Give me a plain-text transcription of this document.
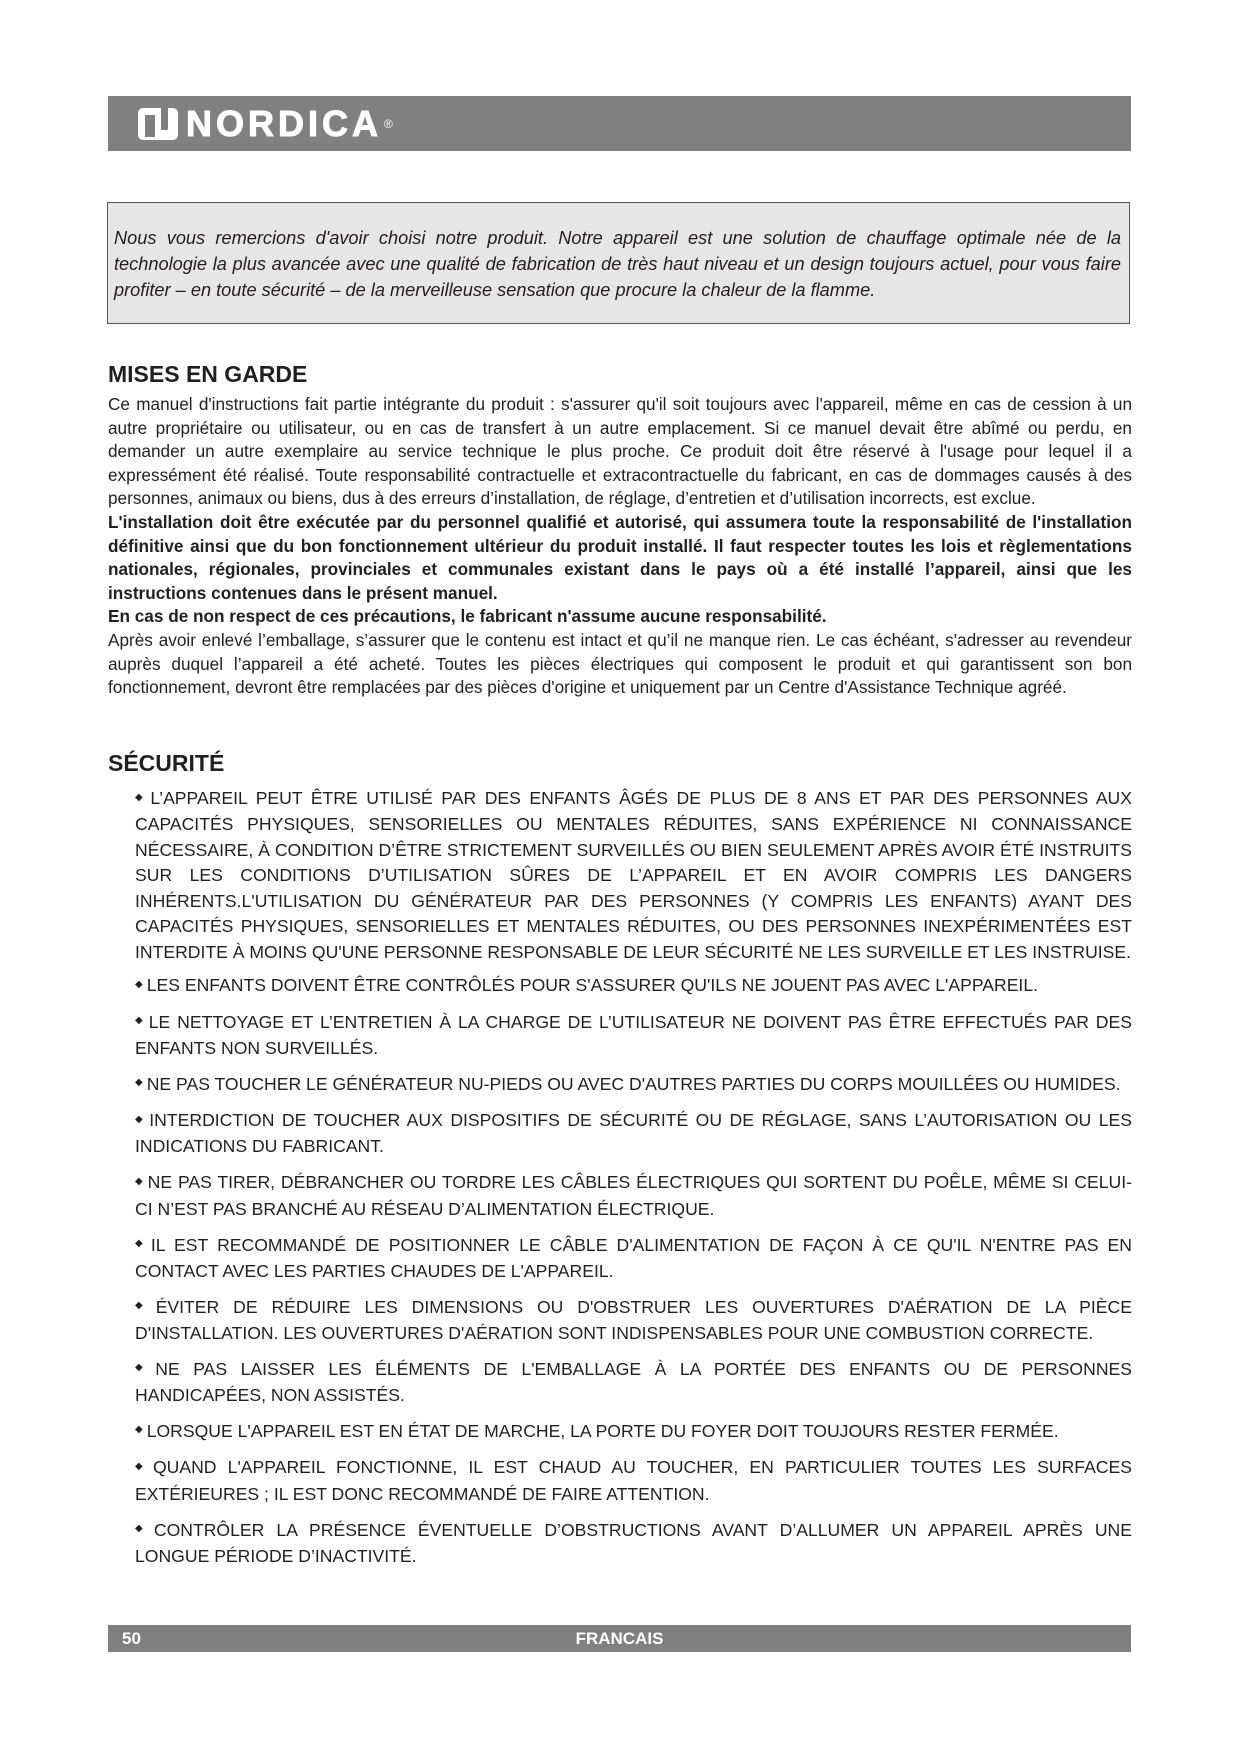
NORDICA ®

Nous vous remercions d'avoir choisi notre produit. Notre appareil est une solution de chauffage optimale née de la technologie la plus avancée avec une qualité de fabrication de très haut niveau et un design toujours actuel, pour vous faire profiter – en toute sécurité – de la merveilleuse sensation que procure la chaleur de la flamme.

MISES EN GARDE

Ce manuel d'instructions fait partie intégrante du produit : s'assurer qu'il soit toujours avec l'appareil, même en cas de cession à un autre propriétaire ou utilisateur, ou en cas de transfert à un autre emplacement. Si ce manuel devait être abîmé ou perdu, en demander un autre exemplaire au service technique le plus proche. Ce produit doit être réservé à l'usage pour lequel il a expressément été réalisé. Toute responsabilité contractuelle et extracontractuelle du fabricant, en cas de dommages causés à des personnes, animaux ou biens, dus à des erreurs d’installation, de réglage, d’entretien et d’utilisation incorrects, est exclue.

L'installation doit être exécutée par du personnel qualifié et autorisé, qui assumera toute la responsabilité de l'installation définitive ainsi que du bon fonctionnement ultérieur du produit installé. Il faut respecter toutes les lois et règlementations nationales, régionales, provinciales et communales existant dans le pays où a été installé l’appareil, ainsi que les instructions contenues dans le présent manuel.

En cas de non respect de ces précautions, le fabricant n'assume aucune responsabilité.

Après avoir enlevé l’emballage, s’assurer que le contenu est intact et qu’il ne manque rien. Le cas échéant, s'adresser au revendeur auprès duquel l’appareil a été acheté. Toutes les pièces électriques qui composent le produit et qui garantissent son bon fonctionnement, devront être remplacées par des pièces d'origine et uniquement par un Centre d'Assistance Technique agréé.

SÉCURITÉ

◆ L’APPAREIL PEUT ÊTRE UTILISÉ PAR DES ENFANTS ÂGÉS DE PLUS DE 8 ANS ET PAR DES PERSONNES AUX CAPACITÉS PHYSIQUES, SENSORIELLES OU MENTALES RÉDUITES, SANS EXPÉRIENCE NI CONNAISSANCE NÉCESSAIRE, À CONDITION D’ÊTRE STRICTEMENT SURVEILLÉS OU BIEN SEULEMENT APRÈS AVOIR ÉTÉ INSTRUITS SUR LES CONDITIONS D’UTILISATION SÛRES DE L’APPAREIL ET EN AVOIR COMPRIS LES DANGERS INHÉRENTS.L'UTILISATION DU GÉNÉRATEUR PAR DES PERSONNES (Y COMPRIS LES ENFANTS) AYANT DES CAPACITÉS PHYSIQUES, SENSORIELLES ET MENTALES RÉDUITES, OU DES PERSONNES INEXPÉRIMENTÉES EST INTERDITE À MOINS QU'UNE PERSONNE RESPONSABLE DE LEUR SÉCURITÉ NE LES SURVEILLE ET LES INSTRUISE.

◆ LES ENFANTS DOIVENT ÊTRE CONTRÔLÉS POUR S'ASSURER QU'ILS NE JOUENT PAS AVEC L'APPAREIL.

◆ LE NETTOYAGE ET L’ENTRETIEN À LA CHARGE DE L’UTILISATEUR NE DOIVENT PAS ÊTRE EFFECTUÉS PAR DES ENFANTS NON SURVEILLÉS.

◆ NE PAS TOUCHER LE GÉNÉRATEUR NU-PIEDS OU AVEC D'AUTRES PARTIES DU CORPS MOUILLÉES OU HUMIDES.

◆ INTERDICTION DE TOUCHER AUX DISPOSITIFS DE SÉCURITÉ OU DE RÉGLAGE, SANS L’AUTORISATION OU LES INDICATIONS DU FABRICANT.

◆ NE PAS TIRER, DÉBRANCHER OU TORDRE LES CÂBLES ÉLECTRIQUES QUI SORTENT DU POÊLE, MÊME SI CELUI-CI N’EST PAS BRANCHÉ AU RÉSEAU D’ALIMENTATION ÉLECTRIQUE.

◆ IL EST RECOMMANDÉ DE POSITIONNER LE CÂBLE D'ALIMENTATION DE FAÇON À CE QU'IL N'ENTRE PAS EN CONTACT AVEC LES PARTIES CHAUDES DE L'APPAREIL.

◆ ÉVITER DE RÉDUIRE LES DIMENSIONS OU D'OBSTRUER LES OUVERTURES D'AÉRATION DE LA PIÈCE D'INSTALLATION. LES OUVERTURES D'AÉRATION SONT INDISPENSABLES POUR UNE COMBUSTION CORRECTE.

◆ NE PAS LAISSER LES ÉLÉMENTS DE L'EMBALLAGE À LA PORTÉE DES ENFANTS OU DE PERSONNES HANDICAPÉES, NON ASSISTÉS.

◆ LORSQUE L'APPAREIL EST EN ÉTAT DE MARCHE, LA PORTE DU FOYER DOIT TOUJOURS RESTER FERMÉE.

◆ QUAND L'APPAREIL FONCTIONNE, IL EST CHAUD AU TOUCHER, EN PARTICULIER TOUTES LES SURFACES EXTÉRIEURES ; IL EST DONC RECOMMANDÉ DE FAIRE ATTENTION.

◆ CONTRÔLER LA PRÉSENCE ÉVENTUELLE D’OBSTRUCTIONS AVANT D’ALLUMER UN APPAREIL APRÈS UNE LONGUE PÉRIODE D’INACTIVITÉ.

FRANCAIS
50
